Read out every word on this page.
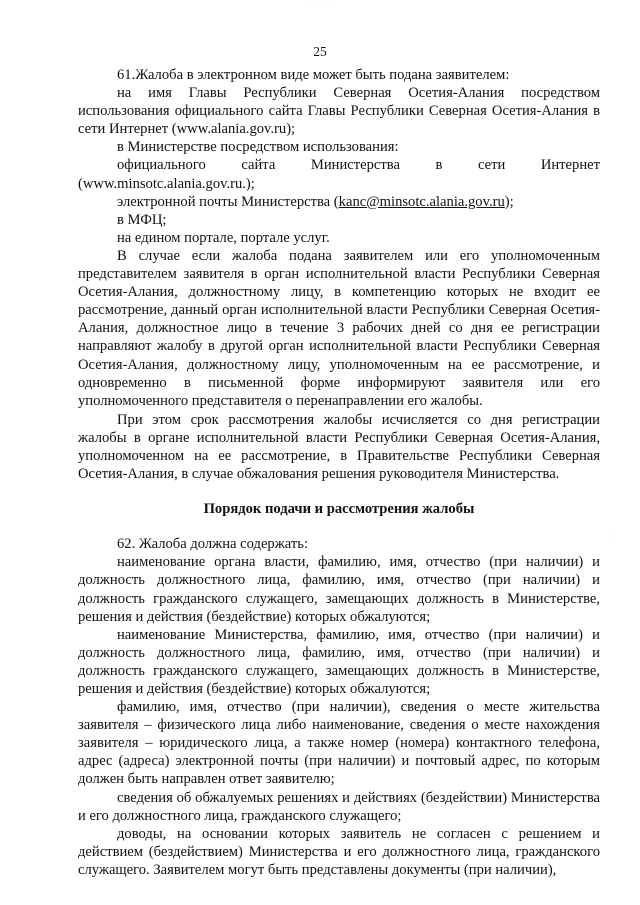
· · · ·
25

61.Жалоба в электронном виде может быть подана заявителем:

на имя Главы Республики Северная Осетия-Алания посредством использования официального сайта Главы Республики Северная Осетия-Алания в сети Интернет (www.alania.gov.ru);

в Министерстве посредством использования:

официального сайта Министерства в сети Интернет (www.minsotc.alania.gov.ru.);

электронной почты Министерства (kanc@minsotc.alania.gov.ru);

в МФЦ;

на едином портале, портале услуг.

В случае если жалоба подана заявителем или его уполномоченным представителем заявителя в орган исполнительной власти Республики Северная Осетия-Алания, должностному лицу, в компетенцию которых не входит ее рассмотрение, данный орган исполнительной власти Республики Северная Осетия-Алания, должностное лицо в течение 3 рабочих дней со дня ее регистрации направляют жалобу в другой орган исполнительной власти Республики Северная Осетия-Алания, должностному лицу, уполномоченным на ее рассмотрение, и одновременно в письменной форме информируют заявителя или его уполномоченного представителя о перенаправлении его жалобы.

При этом срок рассмотрения жалобы исчисляется со дня регистрации жалобы в органе исполнительной власти Республики Северная Осетия-Алания, уполномоченном на ее рассмотрение, в Правительстве Республики Северная Осетия-Алания, в случае обжалования решения руководителя Министерства.

Порядок подачи и рассмотрения жалобы

62. Жалоба должна содержать:

наименование органа власти, фамилию, имя, отчество (при наличии) и должность должностного лица, фамилию, имя, отчество (при наличии) и должность гражданского служащего, замещающих должность в Министерстве, решения и действия (бездействие) которых обжалуются;

наименование Министерства, фамилию, имя, отчество (при наличии) и должность должностного лица, фамилию, имя, отчество (при наличии) и должность гражданского служащего, замещающих должность в Министерстве, решения и действия (бездействие) которых обжалуются;

фамилию, имя, отчество (при наличии), сведения о месте жительства заявителя – физического лица либо наименование, сведения о месте нахождения заявителя – юридического лица, а также номер (номера) контактного телефона, адрес (адреса) электронной почты (при наличии) и почтовый адрес, по которым должен быть направлен ответ заявителю;

сведения об обжалуемых решениях и действиях (бездействии) Министерства и его должностного лица, гражданского служащего;

доводы, на основании которых заявитель не согласен с решением и действием (бездействием) Министерства и его должностного лица, гражданского служащего. Заявителем могут быть представлены документы (при наличии),

·
